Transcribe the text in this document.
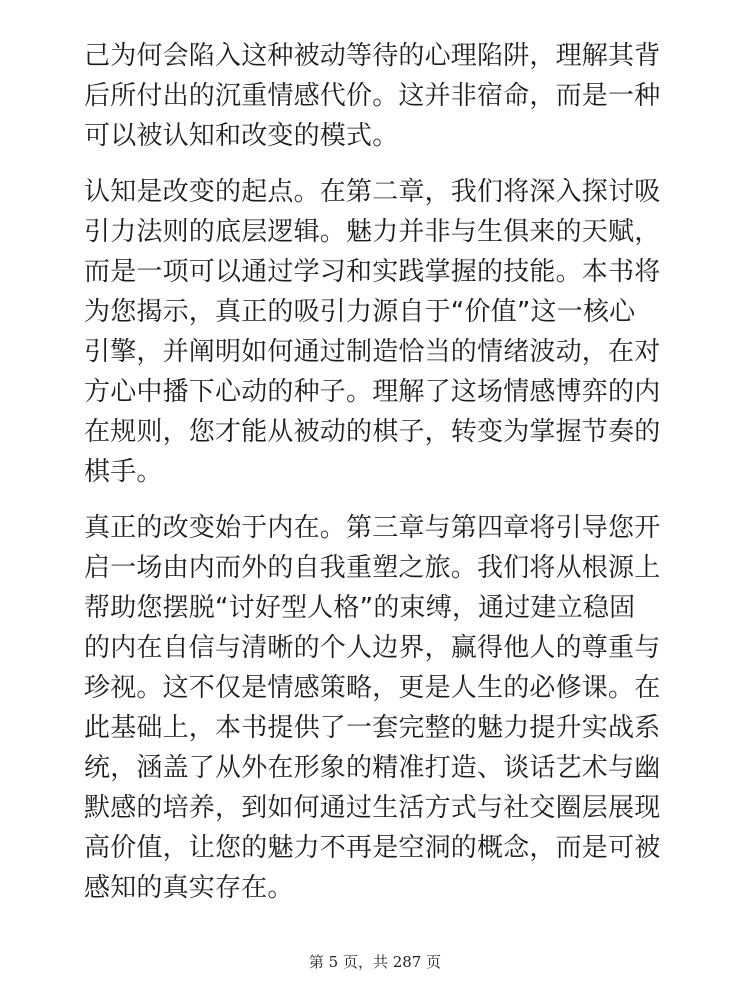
己为何会陷入这种被动等待的心理陷阱，理解其背
后所付出的沉重情感代价。这并非宿命，而是一种
可以被认知和改变的模式。

认知是改变的起点。在第二章，我们将深入探讨吸
引力法则的底层逻辑。魅力并非与生俱来的天赋，
而是一项可以通过学习和实践掌握的技能。本书将
为您揭示，真正的吸引力源自于“价值”这一核心
引擎，并阐明如何通过制造恰当的情绪波动，在对
方心中播下心动的种子。理解了这场情感博弈的内
在规则，您才能从被动的棋子，转变为掌握节奏的
棋手。

真正的改变始于内在。第三章与第四章将引导您开
启一场由内而外的自我重塑之旅。我们将从根源上
帮助您摆脱“讨好型人格”的束缚，通过建立稳固
的内在自信与清晰的个人边界，赢得他人的尊重与
珍视。这不仅是情感策略，更是人生的必修课。在
此基础上，本书提供了一套完整的魅力提升实战系
统，涵盖了从外在形象的精准打造、谈话艺术与幽
默感的培养，到如何通过生活方式与社交圈层展现
高价值，让您的魅力不再是空洞的概念，而是可被
感知的真实存在。

第 5 页，共 287 页
